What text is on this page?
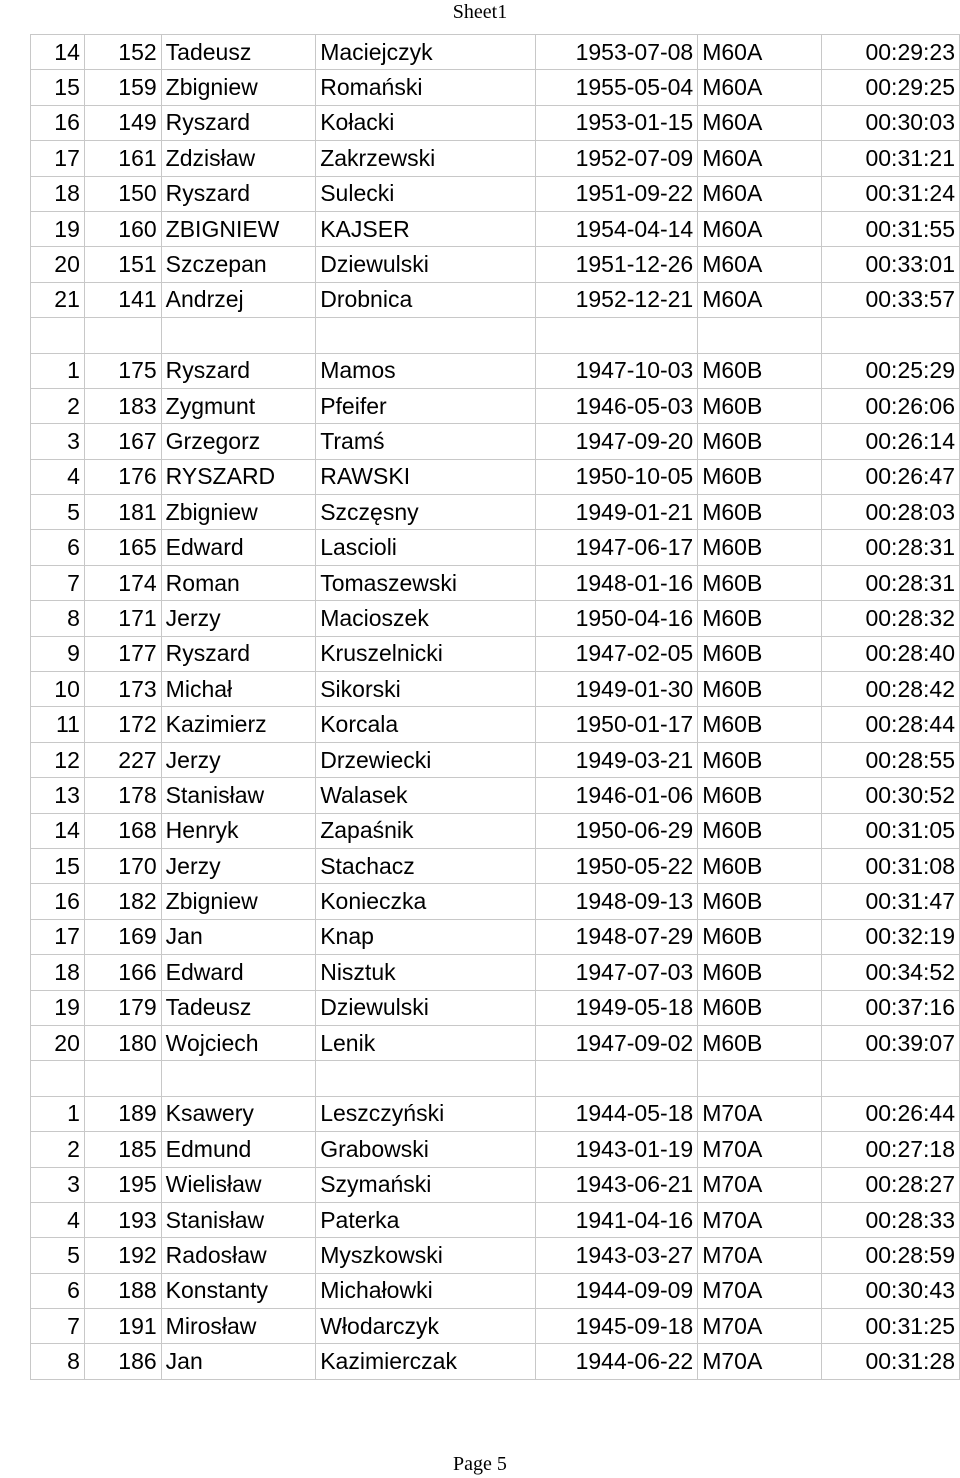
Sheet1
14	152	Tadeusz	Maciejczyk	1953-07-08	M60A	00:29:23
15	159	Zbigniew	Romański	1955-05-04	M60A	00:29:25
16	149	Ryszard	Kołacki	1953-01-15	M60A	00:30:03
17	161	Zdzisław	Zakrzewski	1952-07-09	M60A	00:31:21
18	150	Ryszard	Sulecki	1951-09-22	M60A	00:31:24
19	160	ZBIGNIEW	KAJSER	1954-04-14	M60A	00:31:55
20	151	Szczepan	Dziewulski	1951-12-26	M60A	00:33:01
21	141	Andrzej	Drobnica	1952-12-21	M60A	00:33:57

1	175	Ryszard	Mamos	1947-10-03	M60B	00:25:29
2	183	Zygmunt	Pfeifer	1946-05-03	M60B	00:26:06
3	167	Grzegorz	Tramś	1947-09-20	M60B	00:26:14
4	176	RYSZARD	RAWSKI	1950-10-05	M60B	00:26:47
5	181	Zbigniew	Szczęsny	1949-01-21	M60B	00:28:03
6	165	Edward	Lascioli	1947-06-17	M60B	00:28:31
7	174	Roman	Tomaszewski	1948-01-16	M60B	00:28:31
8	171	Jerzy	Macioszek	1950-04-16	M60B	00:28:32
9	177	Ryszard	Kruszelnicki	1947-02-05	M60B	00:28:40
10	173	Michał	Sikorski	1949-01-30	M60B	00:28:42
11	172	Kazimierz	Korcala	1950-01-17	M60B	00:28:44
12	227	Jerzy	Drzewiecki	1949-03-21	M60B	00:28:55
13	178	Stanisław	Walasek	1946-01-06	M60B	00:30:52
14	168	Henryk	Zapaśnik	1950-06-29	M60B	00:31:05
15	170	Jerzy	Stachacz	1950-05-22	M60B	00:31:08
16	182	Zbigniew	Konieczka	1948-09-13	M60B	00:31:47
17	169	Jan	Knap	1948-07-29	M60B	00:32:19
18	166	Edward	Nisztuk	1947-07-03	M60B	00:34:52
19	179	Tadeusz	Dziewulski	1949-05-18	M60B	00:37:16
20	180	Wojciech	Lenik	1947-09-02	M60B	00:39:07

1	189	Ksawery	Leszczyński	1944-05-18	M70A	00:26:44
2	185	Edmund	Grabowski	1943-01-19	M70A	00:27:18
3	195	Wielisław	Szymański	1943-06-21	M70A	00:28:27
4	193	Stanisław	Paterka	1941-04-16	M70A	00:28:33
5	192	Radosław	Myszkowski	1943-03-27	M70A	00:28:59
6	188	Konstanty	Michałowki	1944-09-09	M70A	00:30:43
7	191	Mirosław	Włodarczyk	1945-09-18	M70A	00:31:25
8	186	Jan	Kazimierczak	1944-06-22	M70A	00:31:28
Page 5
